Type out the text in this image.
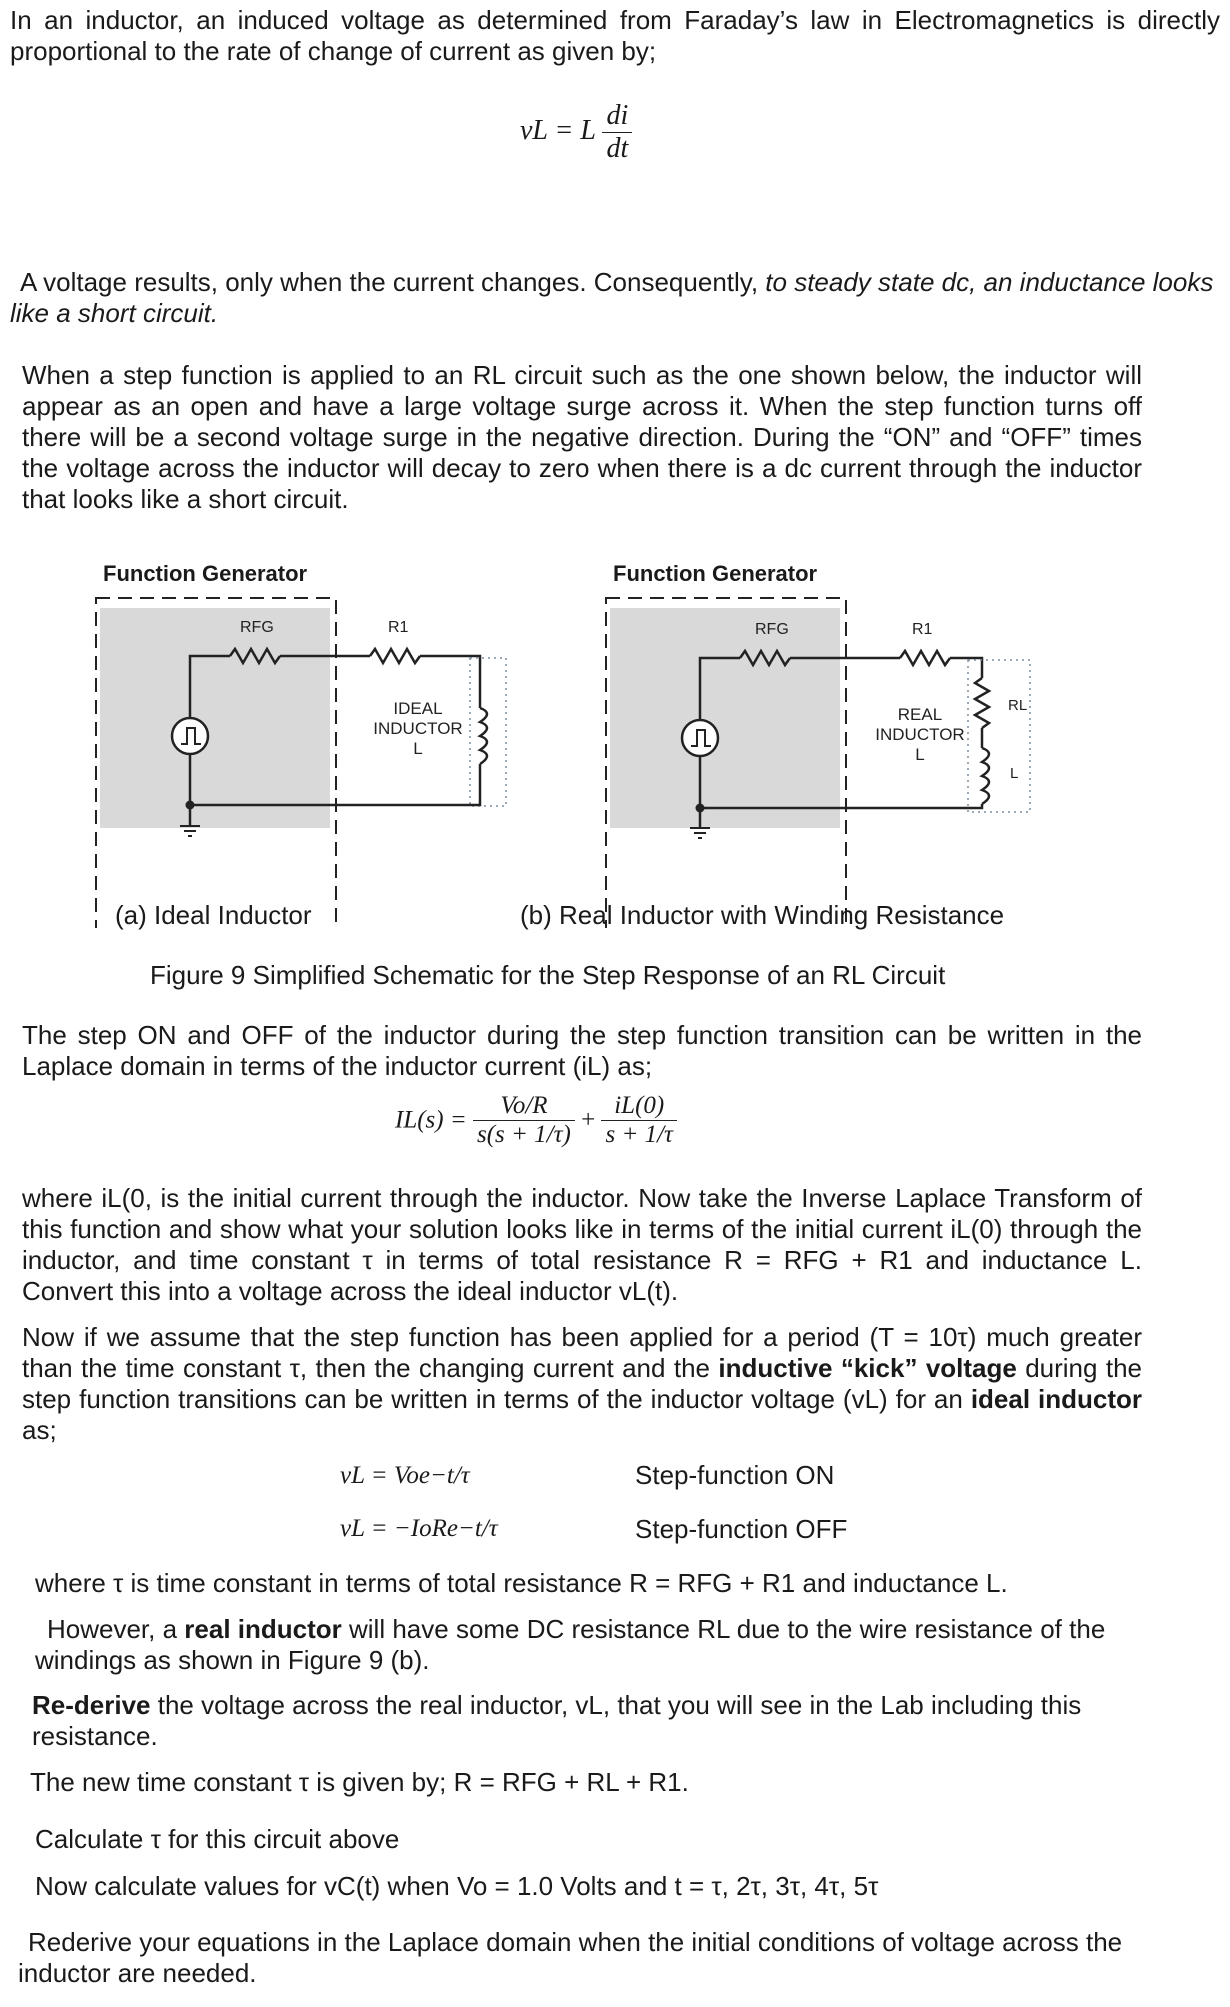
In an inductor, an induced voltage as determined from Faraday’s law in Electromagnetics is directly proportional to the rate of change of current as given by;

vL = L $\frac{di}{dt}$

A voltage results, only when the current changes. Consequently, to steady state dc, an inductance looks like a short circuit.

When a step function is applied to an RL circuit such as the one shown below, the inductor will appear as an open and have a large voltage surge across it. When the step function turns off there will be a second voltage surge in the negative direction. During the “ON” and “OFF” times the voltage across the inductor will decay to zero when there is a dc current through the inductor that looks like a short circuit.

Function Generator
RFG	R1
IDEAL
INDUCTOR
L
Function Generator
RFG	R1
RL
L
REAL
INDUCTOR
L
(a) Ideal Inductor	(b) Real Inductor with Winding Resistance
Figure 9 Simplified Schematic for the Step Response of an RL Circuit

The step ON and OFF of the inductor during the step function transition can be written in the Laplace domain in terms of the inductor current (iL) as;

$IL(s) = \frac{Vo/R}{s(s + 1/\tau)} + \frac{iL(0)}{s + 1/\tau}$

where iL(0, is the initial current through the inductor. Now take the Inverse Laplace Transform of this function and show what your solution looks like in terms of the initial current iL(0) through the inductor, and time constant τ in terms of total resistance R = RFG + R1 and inductance L. Convert this into a voltage across the ideal inductor vL(t).

Now if we assume that the step function has been applied for a period (T = 10τ) much greater than the time constant τ, then the changing current and the inductive “kick” voltage during the step function transitions can be written in terms of the inductor voltage (vL) for an ideal inductor as;

vL = Voe−t/τ	Step-function ON
vL = −IoRe−t/τ	Step-function OFF

where τ is time constant in terms of total resistance R = RFG + R1 and inductance L.

However, a real inductor will have some DC resistance RL due to the wire resistance of the windings as shown in Figure 9 (b).

Re-derive the voltage across the real inductor, vL, that you will see in the Lab including this resistance.

The new time constant τ is given by; R = RFG + RL + R1.

Calculate τ for this circuit above

Now calculate values for vC(t) when Vo = 1.0 Volts and t = τ, 2τ, 3τ, 4τ, 5τ

Rederive your equations in the Laplace domain when the initial conditions of voltage across the inductor are needed.
